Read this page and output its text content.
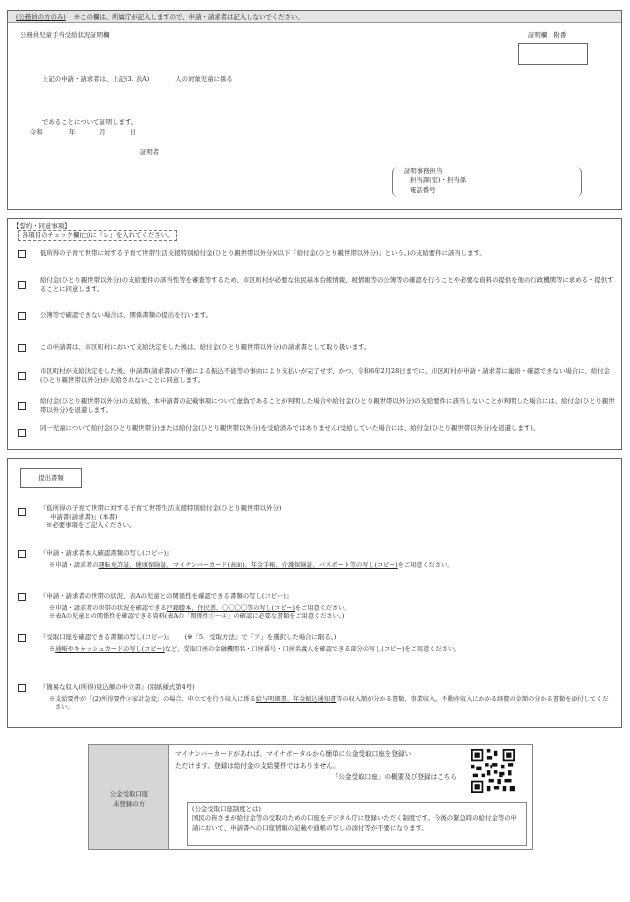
(公務員の方のみ) ※この欄は、所属庁が記入しますので、申請・請求者は記入しないでください。
公務員児童手当受給状況証明欄	証明欄　附番
上記の申請・請求者は、上記(3. 表A)	人の対象児童に係る
であることについて証明します。
令和	年	月	日
証明者
証明事務担当
担当課(室)・担当係
電話番号
【誓約・同意事項】
各項目のチェック欄(□)に『レ』を入れてください。
低所得の子育て世帯に対する子育て世帯生活支援特別給付金(ひとり親世帯以外分)(以下「給付金(ひとり親世帯以外分)」という。)の支給要件に該当します。
給付金(ひとり親世帯以外分)の支給要件の該当性等を審査等するため、市区町村が必要な住民基本台帳情報、税情報等の公簿等の確認を行うことや必要な資料の提供を他の行政機関等に求める・提供することに同意します。
公簿等で確認できない場合は、関係書類の提出を行います。
この申請書は、市区町村において支給決定をした後は、給付金(ひとり親世帯以外分)の請求書として取り扱います。
市区町村が支給決定をした後、申請書(請求書)の不備による振込不能等の事由により支払いが完了せず、かつ、令和6年2月28日までに、市区町村が申請・請求者に連絡・確認できない場合に、給付金(ひとり親世帯以外分)が支給されないことに同意します。
給付金(ひとり親世帯以外分)の支給後、本申請書の記載事項について虚偽であることが判明した場合や給付金(ひとり親世帯以外分)の支給要件に該当しないことが判明した場合には、給付金(ひとり親世帯以外分)を返還します。
同一児童について給付金(ひとり親世帯分)または給付金(ひとり親世帯以外分)を受給済みではありません(受給していた場合には、給付金(ひとり親世帯以外分)を返還します)。
提出書類
『低所得の子育て世帯に対する子育て世帯生活支援特別給付金(ひとり親世帯以外分)
申請書(請求書)』(本書)
※必要事項をご記入ください。
『申請・請求者本人確認書類の写し(コピー)』
※申請・請求者の運転免許証、健康保険証、マイナンバーカード(表面)、年金手帳、介護保険証、パスポート等の写し(コピー)をご用意ください。
『申請・請求者の世帯の状況、表Aの児童との関係性を確認できる書類の写し(コピー)』
※申請・請求者の世帯の状況を確認できる戸籍謄本、住民票、〇〇〇〇等の写し(コピー)をご用意ください。
※表Aの児童との関係性を確認できる資料(表Aの「関係性①〜④」の確認に必要な書類をご用意ください。)
『受取口座を確認できる書類の写し(コピー)』 (※「5．受取方法」で「ア」を選択した場合に限る。)
※通帳やキャッシュカードの写し(コピー)など、受取口座の金融機関名・口座番号・口座名義人を確認できる部分の写し(コピー)をご用意ください。
『簡易な収入(所得)見込額の申立書』(別紙様式第4号)
※支給要件が「(2)所得要件②家計急変」の場合、申立てを行う収入に係る給与明細書、年金振込通知書等の収入額が分かる書類、事業収入、不動産収入にかかる経費の金額の分かる書類を添付してください。
公金受取口座
未登録の方
マイナンバーカードがあれば、マイナポータルから簡単に公金受取口座を登録い
ただけます。登録は給付金の支給要件ではありません。
「公金受取口座」の概要及び登録はこちら
(公金受取口座制度とは)
国民の皆さまが給付金等の受取のための口座をデジタル庁に登録いただく制度です。今後の緊急時の給付金等の申請において、申請書への口座情報の記載や通帳の写しの添付等が不要になります。
